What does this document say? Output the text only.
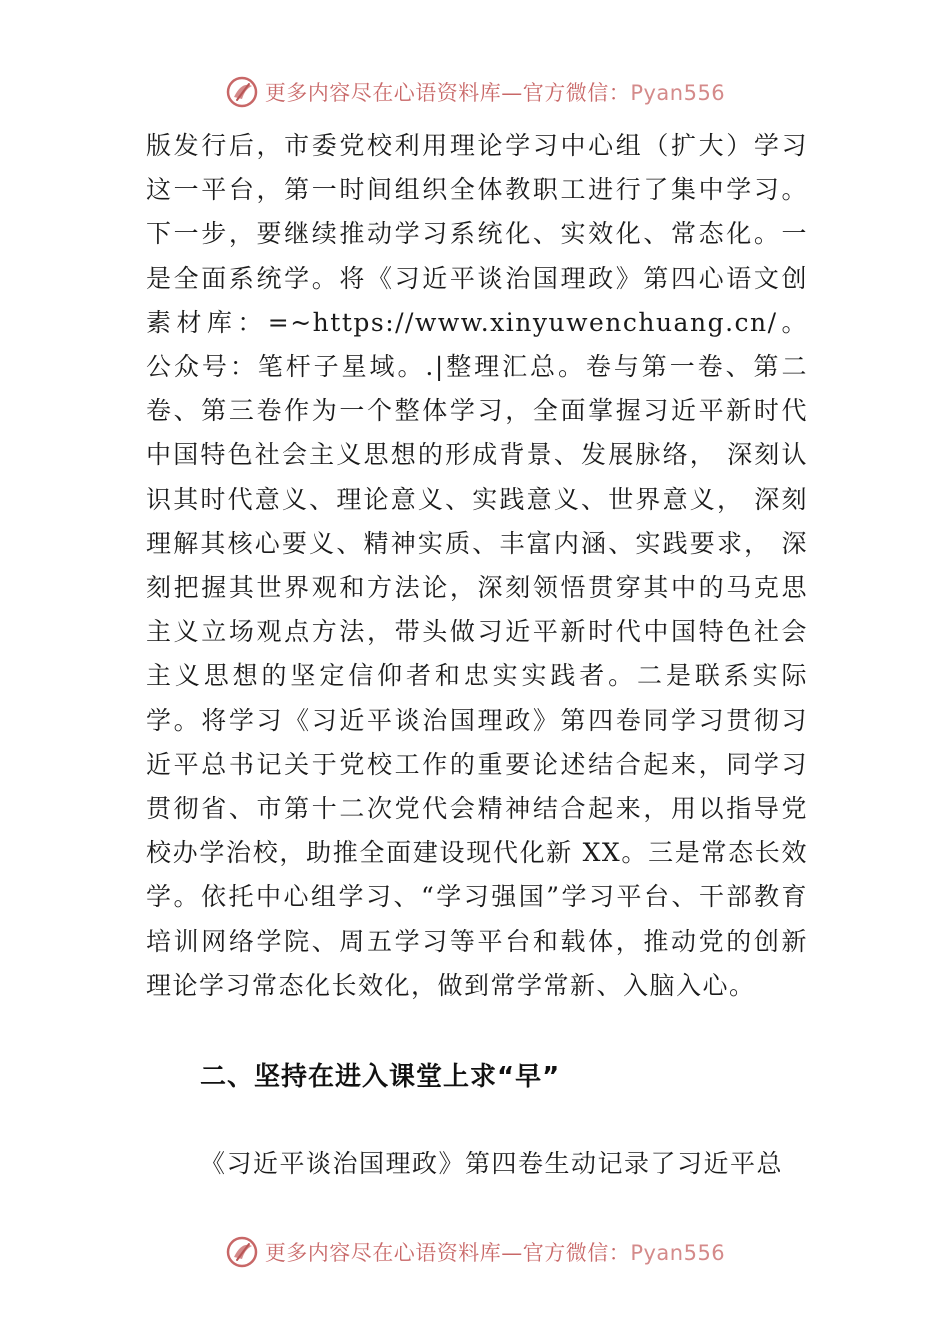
更多内容尽在心语资料库—官方微信：Pyan556

版发行后，市委党校利用理论学习中心组（扩大）学习这一平台，第一时间组织全体教职工进行了集中学习。下一步，要继续推动学习系统化、实效化、常态化。一是全面系统学。将《习近平谈治国理政》第四心语文创素材库：=~https://www.xinyuwenchuang.cn/。公众号：笔杆子星域。.|整理汇总。卷与第一卷、第二卷、第三卷作为一个整体学习，全面掌握习近平新时代中国特色社会主义思想的形成背景、发展脉络， 深刻认识其时代意义、理论意义、实践意义、世界意义， 深刻理解其核心要义、精神实质、丰富内涵、实践要求， 深刻把握其世界观和方法论，深刻领悟贯穿其中的马克思主义立场观点方法，带头做习近平新时代中国特色社会主义思想的坚定信仰者和忠实实践者。二是联系实际学。将学习《习近平谈治国理政》第四卷同学习贯彻习近平总书记关于党校工作的重要论述结合起来，同学习贯彻省、市第十二次党代会精神结合起来，用以指导党校办学治校，助推全面建设现代化新 XX。三是常态长效学。依托中心组学习、“学习强国”学习平台、干部教育培训网络学院、周五学习等平台和载体，推动党的创新理论学习常态化长效化，做到常学常新、入脑入心。

二、坚持在进入课堂上求“早”

《习近平谈治国理政》第四卷生动记录了习近平总

更多内容尽在心语资料库—官方微信：Pyan556
